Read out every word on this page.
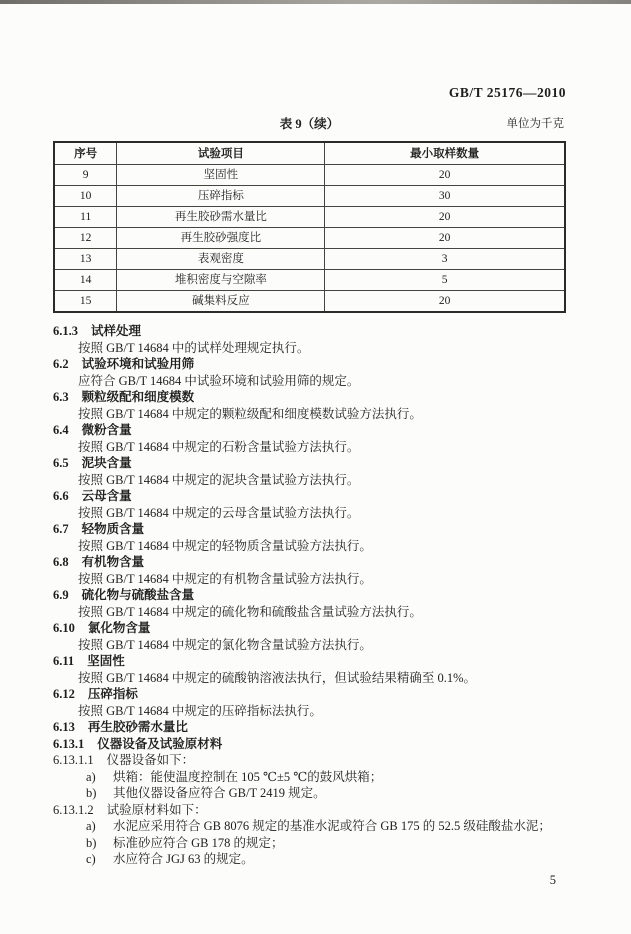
GB/T 25176—2010
表 9（续）	单位为千克
序号	试验项目	最小取样数量
9	坚固性	20
10	压碎指标	30
11	再生胶砂需水量比	20
12	再生胶砂强度比	20
13	表观密度	3
14	堆积密度与空隙率	5
15	碱集料反应	20
6.1.3 试样处理

按照 GB/T 14684 中的试样处理规定执行。

6.2 试验环境和试验用筛

应符合 GB/T 14684 中试验环境和试验用筛的规定。

6.3 颗粒级配和细度模数

按照 GB/T 14684 中规定的颗粒级配和细度模数试验方法执行。

6.4 微粉含量

按照 GB/T 14684 中规定的石粉含量试验方法执行。

6.5 泥块含量

按照 GB/T 14684 中规定的泥块含量试验方法执行。

6.6 云母含量

按照 GB/T 14684 中规定的云母含量试验方法执行。

6.7 轻物质含量

按照 GB/T 14684 中规定的轻物质含量试验方法执行。

6.8 有机物含量

按照 GB/T 14684 中规定的有机物含量试验方法执行。

6.9 硫化物与硫酸盐含量

按照 GB/T 14684 中规定的硫化物和硫酸盐含量试验方法执行。

6.10 氯化物含量

按照 GB/T 14684 中规定的氯化物含量试验方法执行。

6.11 坚固性

按照 GB/T 14684 中规定的硫酸钠溶液法执行，但试验结果精确至 0.1%。

6.12 压碎指标

按照 GB/T 14684 中规定的压碎指标法执行。

6.13 再生胶砂需水量比
6.13.1 仪器设备及试验原材料
6.13.1.1 仪器设备如下：
a)	烘箱：能使温度控制在 105 ℃±5 ℃的鼓风烘箱；
b)	其他仪器设备应符合 GB/T 2419 规定。
6.13.1.2 试验原材料如下：
a)	水泥应采用符合 GB 8076 规定的基准水泥或符合 GB 175 的 52.5 级硅酸盐水泥；
b)	标准砂应符合 GB 178 的规定；
c)	水应符合 JGJ 63 的规定。
5
